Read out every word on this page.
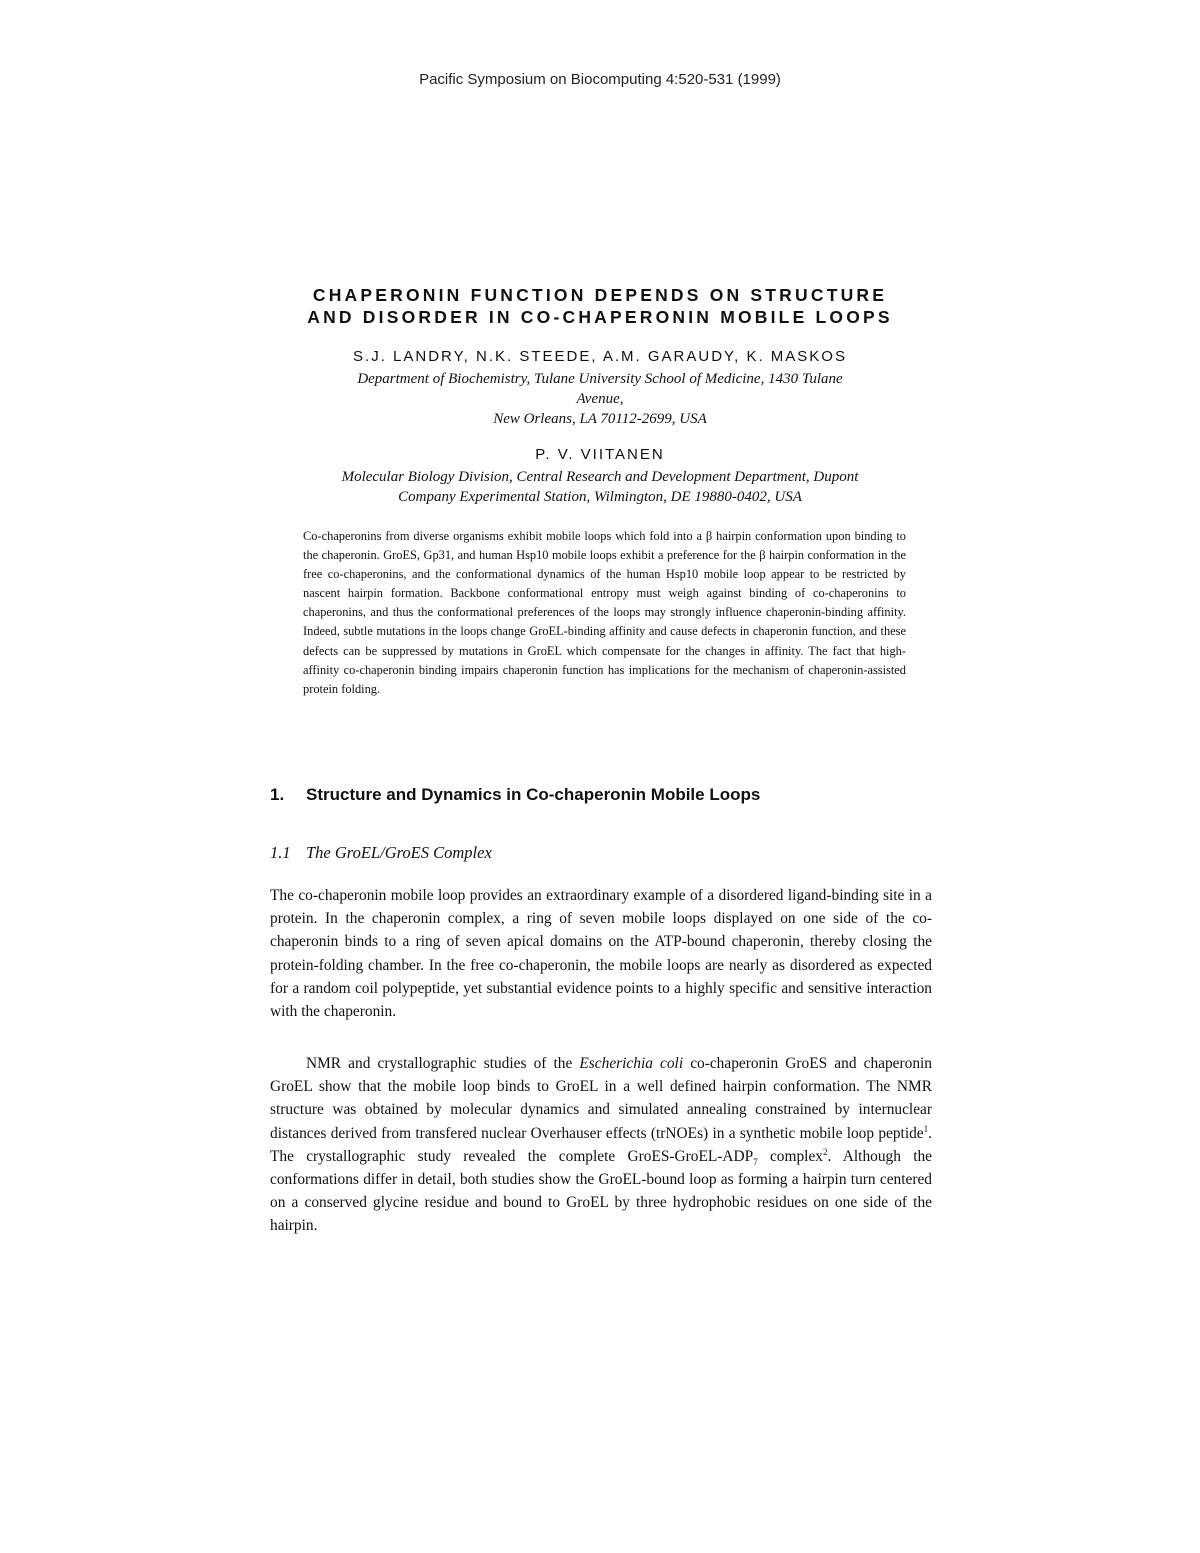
Pacific Symposium on Biocomputing 4:520-531 (1999)
CHAPERONIN FUNCTION DEPENDS ON STRUCTURE
AND DISORDER IN CO-CHAPERONIN MOBILE LOOPS
S.J. LANDRY, N.K. STEEDE, A.M. GARAUDY, K. MASKOS
Department of Biochemistry, Tulane University School of Medicine, 1430 Tulane
Avenue,
New Orleans, LA 70112-2699, USA
P. V. VIITANEN
Molecular Biology Division, Central Research and Development Department, Dupont
Company Experimental Station, Wilmington, DE 19880-0402, USA

Co-chaperonins from diverse organisms exhibit mobile loops which fold into a β hairpin conformation upon binding to the chaperonin. GroES, Gp31, and human Hsp10 mobile loops exhibit a preference for the β hairpin conformation in the free co-chaperonins, and the conformational dynamics of the human Hsp10 mobile loop appear to be restricted by nascent hairpin formation. Backbone conformational entropy must weigh against binding of co-chaperonins to chaperonins, and thus the conformational preferences of the loops may strongly influence chaperonin-binding affinity. Indeed, subtle mutations in the loops change GroEL-binding affinity and cause defects in chaperonin function, and these defects can be suppressed by mutations in GroEL which compensate for the changes in affinity. The fact that high-affinity co-chaperonin binding impairs chaperonin function has implications for the mechanism of chaperonin-assisted protein folding.

1. Structure and Dynamics in Co-chaperonin Mobile Loops
1.1 The GroEL/GroES Complex

The co-chaperonin mobile loop provides an extraordinary example of a disordered ligand-binding site in a protein. In the chaperonin complex, a ring of seven mobile loops displayed on one side of the co-chaperonin binds to a ring of seven apical domains on the ATP-bound chaperonin, thereby closing the protein-folding chamber. In the free co-chaperonin, the mobile loops are nearly as disordered as expected for a random coil polypeptide, yet substantial evidence points to a highly specific and sensitive interaction with the chaperonin.

NMR and crystallographic studies of the Escherichia coli co-chaperonin GroES and chaperonin GroEL show that the mobile loop binds to GroEL in a well defined hairpin conformation. The NMR structure was obtained by molecular dynamics and simulated annealing constrained by internuclear distances derived from transfered nuclear Overhauser effects (trNOEs) in a synthetic mobile loop peptide$^1$. The crystallographic study revealed the complete GroES-$GroEL-ADP_7$ complex$^2$. Although the conformations differ in detail, both studies show the GroEL-bound loop as forming a hairpin turn centered on a conserved glycine residue and bound to GroEL by three hydrophobic residues on one side of the hairpin.
